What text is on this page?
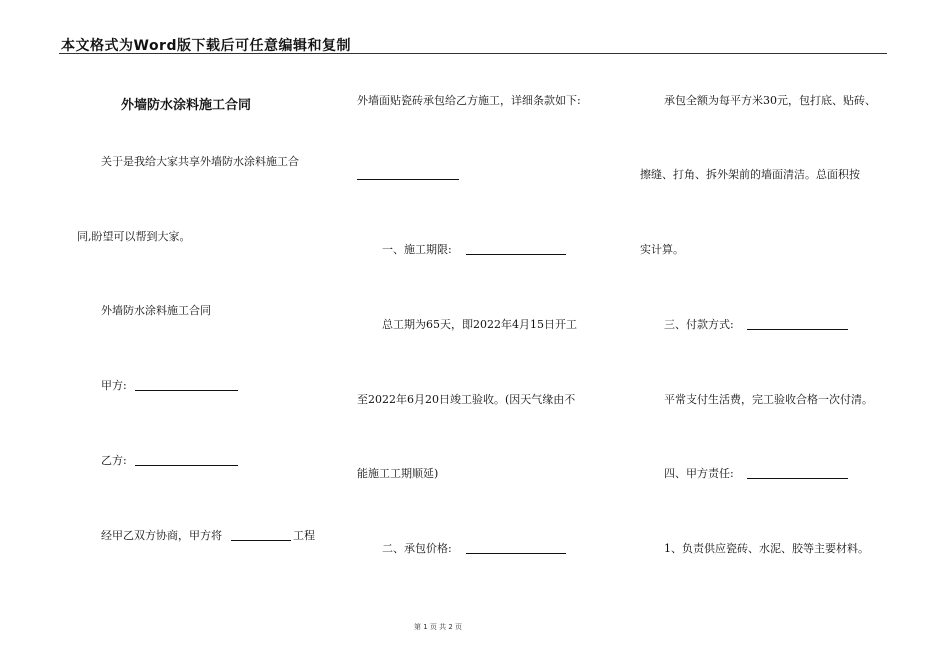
本文格式为Word版下载后可任意编辑和复制
外墙防水涂料施工合同
关于是我给大家共享外墙防水涂料施工合
同,盼望可以帮到大家。
外墙防水涂料施工合同
甲方:
乙方:
经甲乙双方协商，甲方将	工程
外墙面贴瓷砖承包给乙方施工，详细条款如下:
一、施工期限:
总工期为65天，即2022年4月15日开工
至2022年6月20日竣工验收。(因天气缘由不
能施工工期顺延)
二、承包价格:
承包全额为每平方米30元，包打底、贴砖、
擦缝、打角、拆外架前的墙面清洁。总面积按
实计算。
三、付款方式:
平常支付生活费，完工验收合格一次付清。
四、甲方责任:
1、负责供应瓷砖、水泥、胶等主要材料。
第 1 页 共 2 页
